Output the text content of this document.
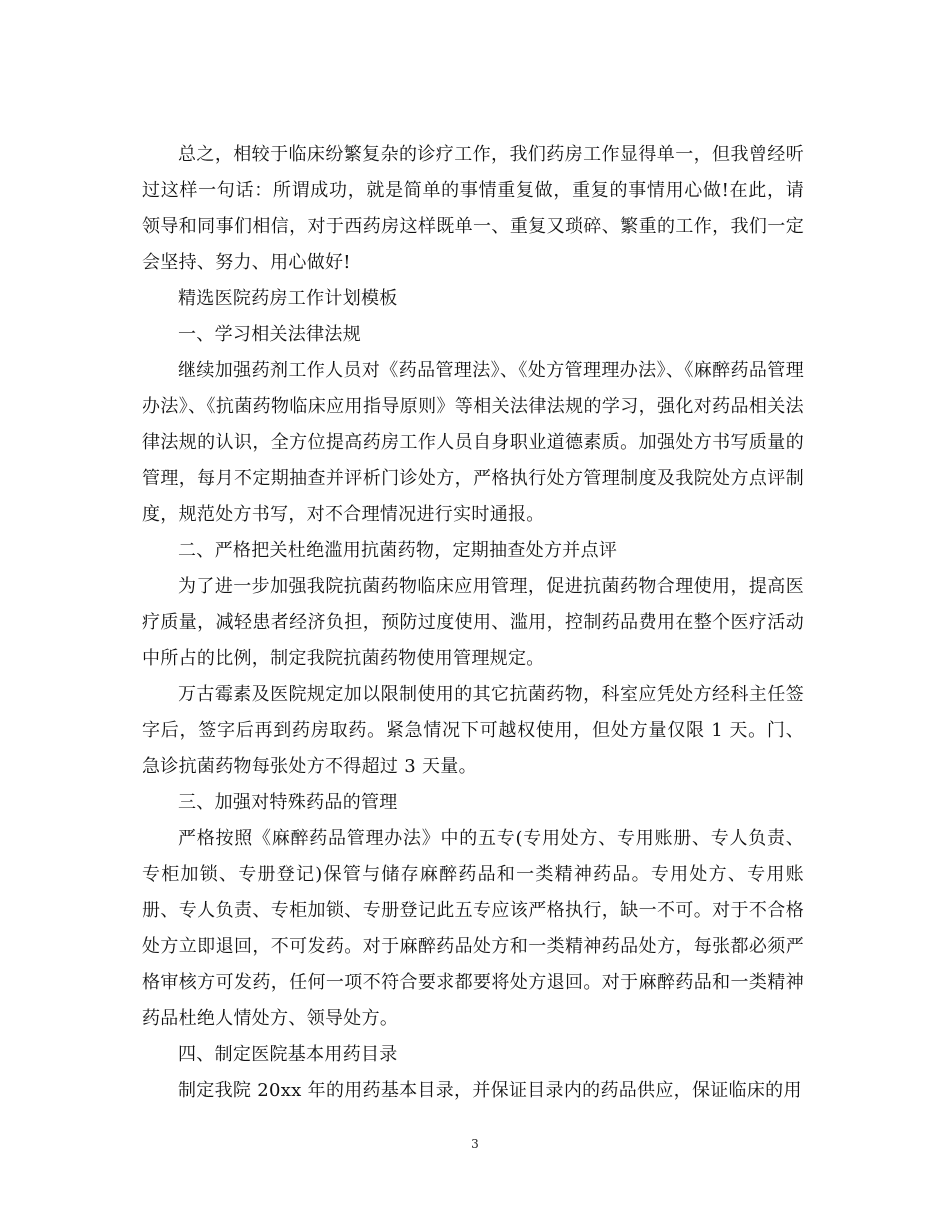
总之，相较于临床纷繁复杂的诊疗工作，我们药房工作显得单一，但我曾经听过这样一句话：所谓成功，就是简单的事情重复做，重复的事情用心做!在此，请领导和同事们相信，对于西药房这样既单一、重复又琐碎、繁重的工作，我们一定会坚持、努力、用心做好!

精选医院药房工作计划模板

一、学习相关法律法规

继续加强药剂工作人员对《药品管理法》、《处方管理理办法》、《麻醉药品管理办法》、《抗菌药物临床应用指导原则》等相关法律法规的学习，强化对药品相关法律法规的认识，全方位提高药房工作人员自身职业道德素质。加强处方书写质量的管理，每月不定期抽查并评析门诊处方，严格执行处方管理制度及我院处方点评制度，规范处方书写，对不合理情况进行实时通报。

二、严格把关杜绝滥用抗菌药物，定期抽查处方并点评

为了进一步加强我院抗菌药物临床应用管理，促进抗菌药物合理使用，提高医疗质量，减轻患者经济负担，预防过度使用、滥用，控制药品费用在整个医疗活动中所占的比例，制定我院抗菌药物使用管理规定。

万古霉素及医院规定加以限制使用的其它抗菌药物，科室应凭处方经科主任签字后，签字后再到药房取药。紧急情况下可越权使用，但处方量仅限 1 天。门、急诊抗菌药物每张处方不得超过 3 天量。

三、加强对特殊药品的管理

严格按照《麻醉药品管理办法》中的五专(专用处方、专用账册、专人负责、专柜加锁、专册登记)保管与储存麻醉药品和一类精神药品。专用处方、专用账册、专人负责、专柜加锁、专册登记此五专应该严格执行，缺一不可。对于不合格处方立即退回，不可发药。对于麻醉药品处方和一类精神药品处方，每张都必须严格审核方可发药，任何一项不符合要求都要将处方退回。对于麻醉药品和一类精神药品杜绝人情处方、领导处方。

四、制定医院基本用药目录

制定我院 20xx 年的用药基本目录，并保证目录内的药品供应，保证临床的用

3
